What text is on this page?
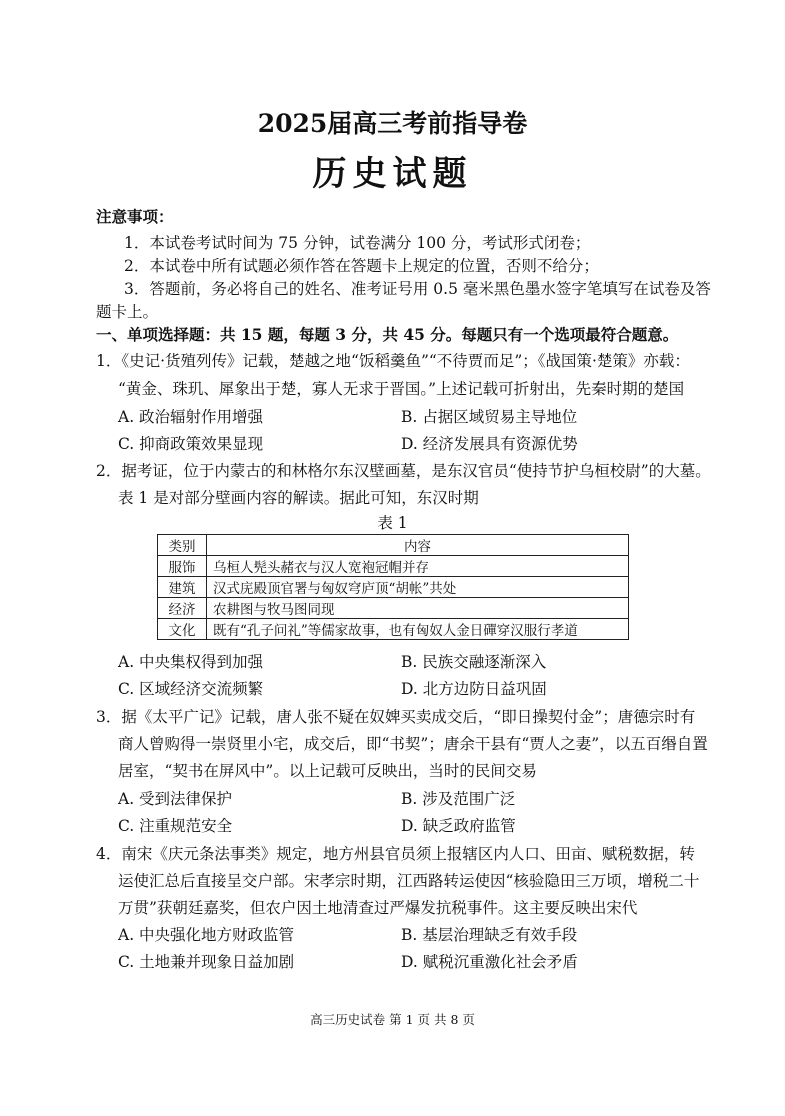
2025届高三考前指导卷
历史试题
注意事项：
1．本试卷考试时间为 75 分钟，试卷满分 100 分，考试形式闭卷；
2．本试卷中所有试题必须作答在答题卡上规定的位置，否则不给分；
3．答题前，务必将自己的姓名、准考证号用 0.5 毫米黑色墨水签字笔填写在试卷及答
题卡上。
一、单项选择题：共 15 题，每题 3 分，共 45 分。每题只有一个选项最符合题意。
1．《史记·货殖列传》记载，楚越之地“饭稻羹鱼”“不待贾而足”；《战国策·楚策》亦载：
“黄金、珠玑、犀象出于楚，寡人无求于晋国。”上述记载可折射出，先秦时期的楚国
A. 政治辐射作用增强	B. 占据区域贸易主导地位
C. 抑商政策效果显现	D. 经济发展具有资源优势
2．据考证，位于内蒙古的和林格尔东汉壁画墓，是东汉官员“使持节护乌桓校尉”的大墓。
表 1 是对部分壁画内容的解读。据此可知，东汉时期
表 1
类别	内容
服饰	乌桓人髡头赭衣与汉人宽袍冠帽并存
建筑	汉式庑殿顶官署与匈奴穹庐顶“胡帐”共处
经济	农耕图与牧马图同现
文化	既有“孔子问礼”等儒家故事，也有匈奴人金日磾穿汉服行孝道
A. 中央集权得到加强	B. 民族交融逐渐深入
C. 区域经济交流频繁	D. 北方边防日益巩固
3．据《太平广记》记载，唐人张不疑在奴婢买卖成交后，“即日操契付金”；唐德宗时有
商人曾购得一崇贤里小宅，成交后，即“书契”；唐余干县有“贾人之妻”，以五百缗自置
居室，“契书在屏风中”。以上记载可反映出，当时的民间交易
A. 受到法律保护	B. 涉及范围广泛
C. 注重规范安全	D. 缺乏政府监管
4．南宋《庆元条法事类》规定，地方州县官员须上报辖区内人口、田亩、赋税数据，转
运使汇总后直接呈交户部。宋孝宗时期，江西路转运使因“核验隐田三万顷，增税二十
万贯”获朝廷嘉奖，但农户因土地清查过严爆发抗税事件。这主要反映出宋代
A. 中央强化地方财政监管	B. 基层治理缺乏有效手段
C. 土地兼并现象日益加剧	D. 赋税沉重激化社会矛盾
高三历史试卷 第 1 页 共 8 页
